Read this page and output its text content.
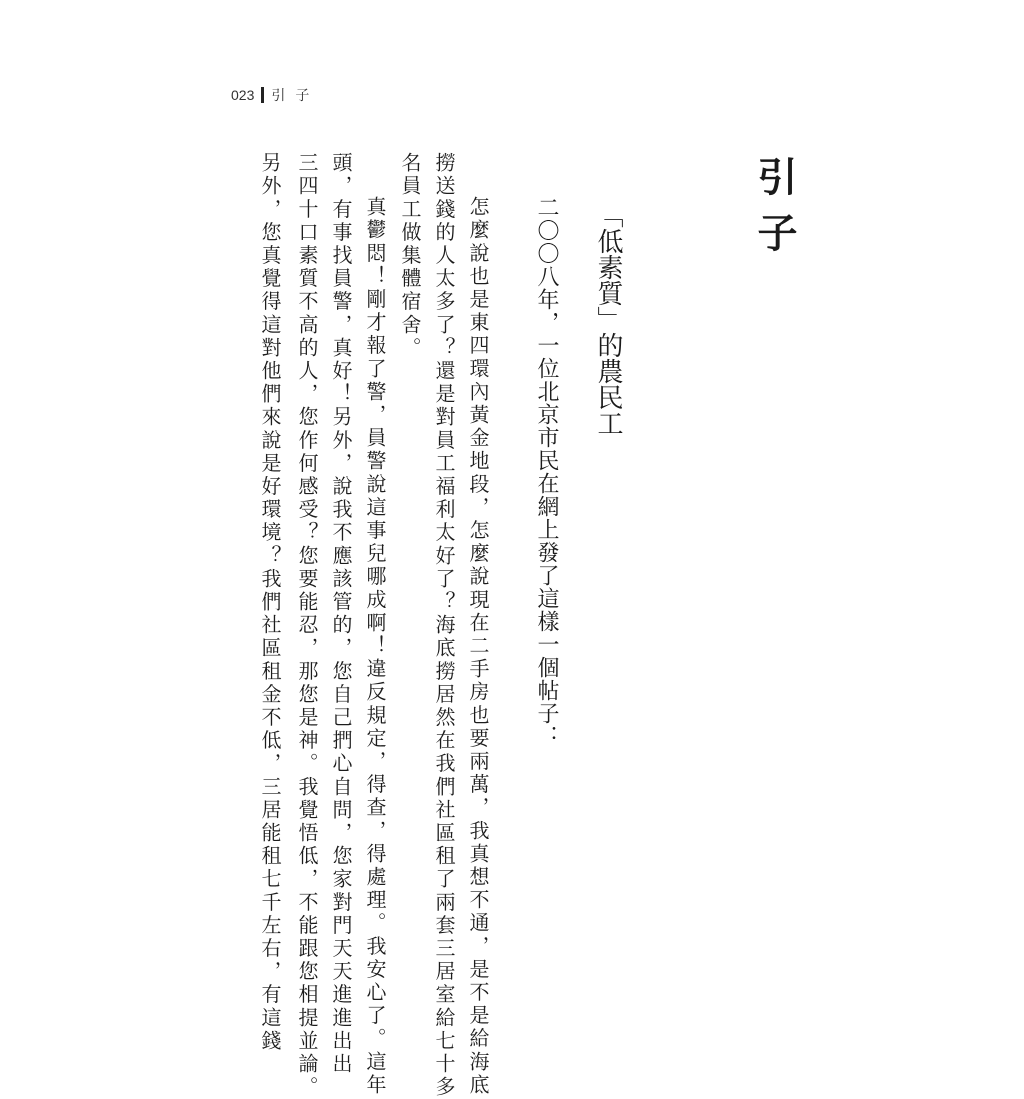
023 引子
引子
「低素質」的農民工
二〇〇八年，一位北京市民在網上發了這樣一個帖子：
怎麼說也是東四環內黃金地段，怎麼說現在二手房也要兩萬，我真想不通，是不是給海底
撈送錢的人太多了？還是對員工福利太好了？海底撈居然在我們社區租了兩套三居室給七十多
名員工做集體宿舍。
真鬱悶！剛才報了警，員警說這事兒哪成啊！違反規定，得查，得處理。我安心了。這年
頭，有事找員警，真好！另外，說我不應該管的，您自己捫心自問，您家對門天天進進出出
三四十口素質不高的人，您作何感受？您要能忍，那您是神。我覺悟低，不能跟您相提並論。
另外，您真覺得這對他們來說是好環境？我們社區租金不低，三居能租七千左右，有這錢
